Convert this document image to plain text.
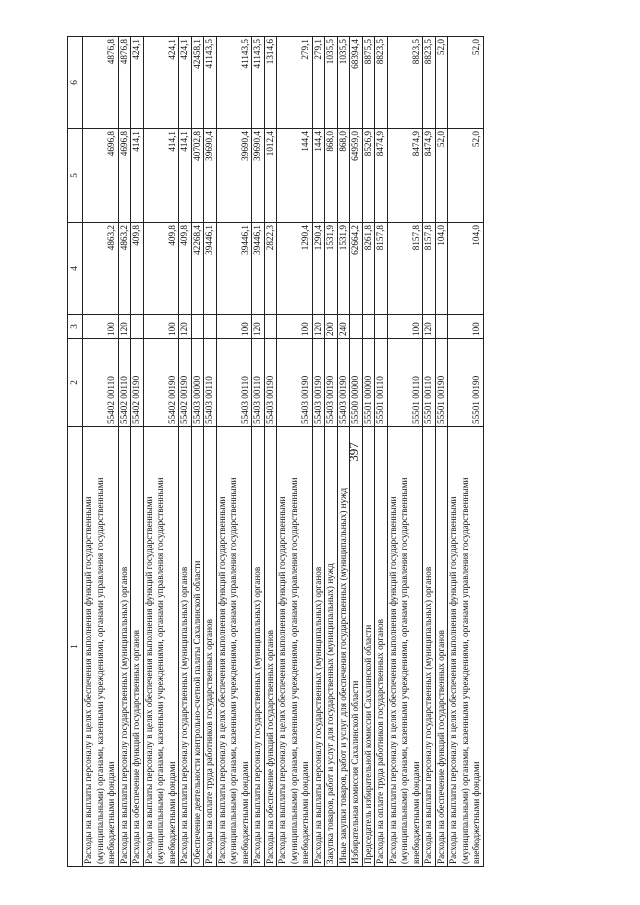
397
1	2	3	4	5	6
Расходы на выплаты персоналу в целях обеспечения выполнения функций государственными (муниципальными) органами, казенными учреждениями, органами управления государственными внебюджетными фондами	55402 00110	100	4863,2	4696,8	4876,8
Расходы на выплаты персоналу государственных (муниципальных) органов	55402 00110	120	4863,2	4696,8	4876,8
Расходы на обеспечение функций государственных органов	55402 00190		409,8	414,1	424,1
Расходы на выплаты персоналу в целях обеспечения выполнения функций государственными (муниципальными) органами, казенными учреждениями, органами управления государственными внебюджетными фондами	55402 00190	100	409,8	414,1	424,1
Расходы на выплаты персоналу государственных (муниципальных) органов	55402 00190	120	409,8	414,1	424,1
Обеспечение деятельности контрольно-счетной палаты Сахалинской области	55403 00000		42268,4	40702,8	42458,1
Расходы на оплате труда работников государственных органов	55403 00110		39446,1	39690,4	41143,5
Расходы на выплаты персоналу в целях обеспечения выполнения функций государственными (муниципальными) органами, казенными учреждениями, органами управления государственными внебюджетными фондами	55403 00110	100	39446,1	39690,4	41143,5
Расходы на выплаты персоналу государственных (муниципальных) органов	55403 00110	120	39446,1	39690,4	41143,5
Расходы на обеспечение функций государственных органов	55403 00190		2822,3	1012,4	1314,6
Расходы на выплаты персоналу в целях обеспечения выполнения функций государственными (муниципальными) органами, казенными учреждениями, органами управления государственными внебюджетными фондами	55403 00190	100	1290,4	144,4	279,1
Расходы на выплаты персоналу государственных (муниципальных) органов	55403 00190	120	1290,4	144,4	279,1
Закупка товаров, работ и услуг для государственных (муниципальных) нужд	55403 00190	200	1531,9	868,0	1035,5
Иные закупки товаров, работ и услуг для обеспечения государственных (муниципальных) нужд	55403 00190	240	1531,9	868,0	1035,5
Избирательная комиссия Сахалинской области	55500 00000		62664,2	64959,0	68394,4
Председатель избирательной комиссии Сахалинской области	55501 00000		8261,8	8526,9	8875,5
Расходы на оплате труда работников государственных органов	55501 00110		8157,8	8474,9	8823,5
Расходы на выплаты персоналу в целях обеспечения выполнения функций государственными (муниципальными) органами, казенными учреждениями, органами управления государственными внебюджетными фондами	55501 00110	100	8157,8	8474,9	8823,5
Расходы на выплаты персоналу государственных (муниципальных) органов	55501 00110	120	8157,8	8474,9	8823,5
Расходы на обеспечение функций государственных органов	55501 00190		104,0	52,0	52,0
Расходы на выплаты персоналу в целях обеспечения выполнения функций государственными (муниципальными) органами, казенными учреждениями, органами управления государственными внебюджетными фондами	55501 00190	100	104,0	52,0	52,0
